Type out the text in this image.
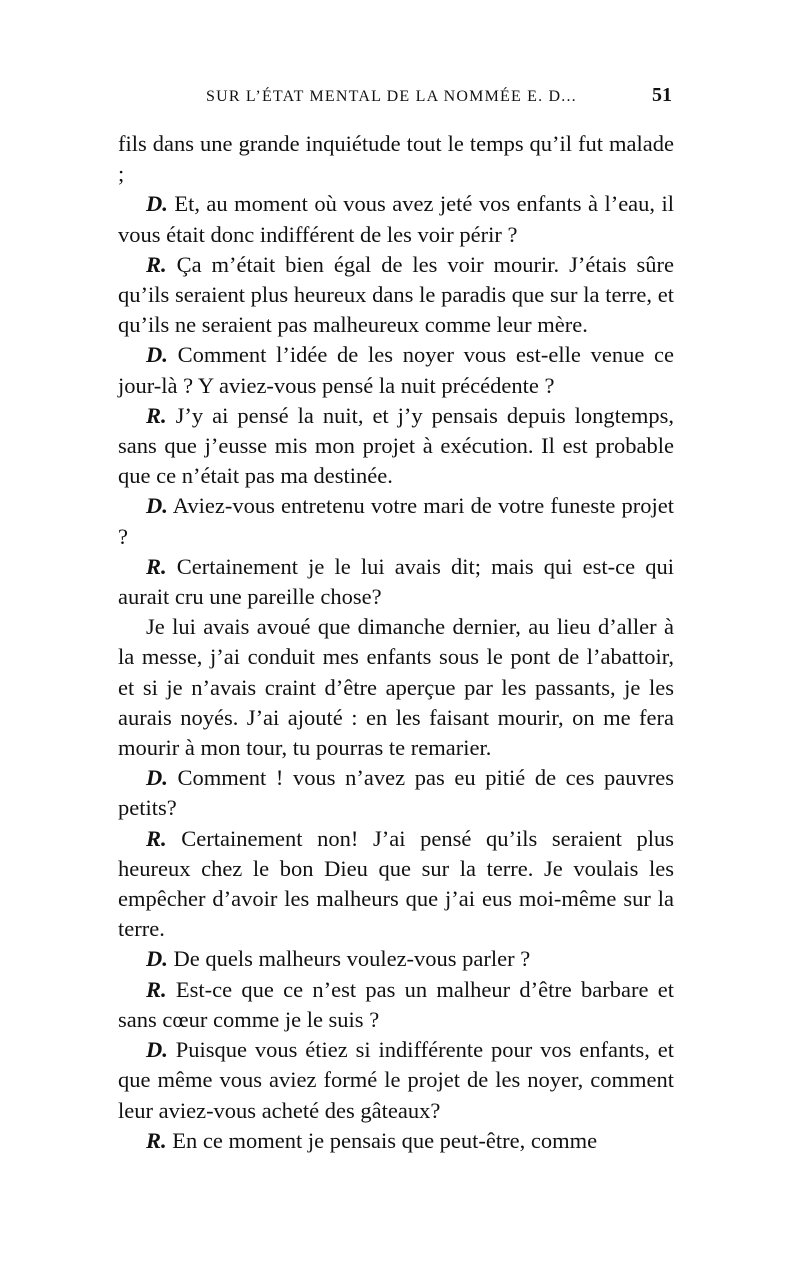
SUR L’ÉTAT MENTAL DE LA NOMMÉE E. D...	51

fils dans une grande inquiétude tout le temps qu’il fut malade ;

D. Et, au moment où vous avez jeté vos enfants à l’eau, il vous était donc indifférent de les voir périr ?

R. Ça m’était bien égal de les voir mourir. J’étais sûre qu’ils seraient plus heureux dans le paradis que sur la terre, et qu’ils ne seraient pas malheureux comme leur mère.

D. Comment l’idée de les noyer vous est-elle venue ce jour-là ? Y aviez-vous pensé la nuit précédente ?

R. J’y ai pensé la nuit, et j’y pensais depuis longtemps, sans que j’eusse mis mon projet à exécution. Il est probable que ce n’était pas ma destinée.

D. Aviez-vous entretenu votre mari de votre funeste projet ?

R. Certainement je le lui avais dit; mais qui est-ce qui aurait cru une pareille chose?

Je lui avais avoué que dimanche dernier, au lieu d’aller à la messe, j’ai conduit mes enfants sous le pont de l’abattoir, et si je n’avais craint d’être aperçue par les passants, je les aurais noyés. J’ai ajouté : en les faisant mourir, on me fera mourir à mon tour, tu pourras te remarier.

D. Comment ! vous n’avez pas eu pitié de ces pauvres petits?

R. Certainement non! J’ai pensé qu’ils seraient plus heureux chez le bon Dieu que sur la terre. Je voulais les empêcher d’avoir les malheurs que j’ai eus moi-même sur la terre.

D. De quels malheurs voulez-vous parler ?

R. Est-ce que ce n’est pas un malheur d’être barbare et sans cœur comme je le suis ?

D. Puisque vous étiez si indifférente pour vos enfants, et que même vous aviez formé le projet de les noyer, comment leur aviez-vous acheté des gâteaux?

R. En ce moment je pensais que peut-être, comme
